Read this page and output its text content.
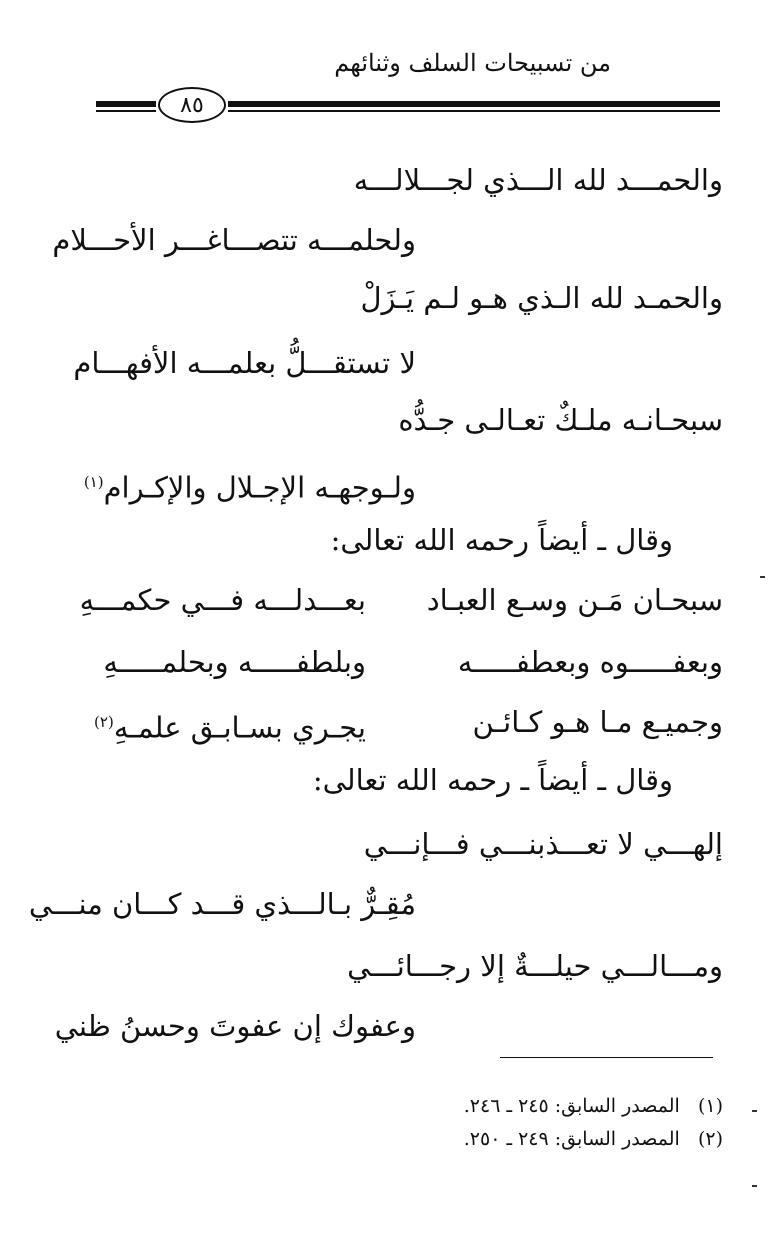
من تسبيحات السلف وثنائهم
٨٥
والحمـــد لله الـــذي لجـــلالـــه
ولحلمـــه تتصـــاغـــر الأحـــلام
والحمـد لله الـذي هـو لـم يَـزَلْ
لا تستقـــلُّ بعلمـــه الأفهـــام
سبحـانـه ملـكٌ تعـالـى جـدُّه
ولـوجهـه الإجـلال والإكـرام$^{(١)}$
وقال ـ أيضاً رحمه الله تعالى:
سبحـان مَـن وسـع العبـاد
بعـــدلـــه فـــي حكمـــهِ
وبعفـــــوه وبعطفـــــه
وبلطفـــــه وبحلمـــــهِ
وجميـع مـا هـو كـائـن
يجـري بسـابـق علمـهِ$^{(٢)}$
وقال ـ أيضاً ـ رحمه الله تعالى:
إلهـــي لا تعـــذبنـــي فـــإنـــي
مُقِـرٌّ بـالـــذي قـــد كـــان منـــي
ومـــالـــي حيلـــةٌ إلا رجـــائـــي
وعفوك إن عفوتَ وحسنُ ظني
(١)   المصدر السابق: ٢٤٥ ـ ٢٤٦.
(٢)   المصدر السابق: ٢٤٩ ـ ٢٥٠.
